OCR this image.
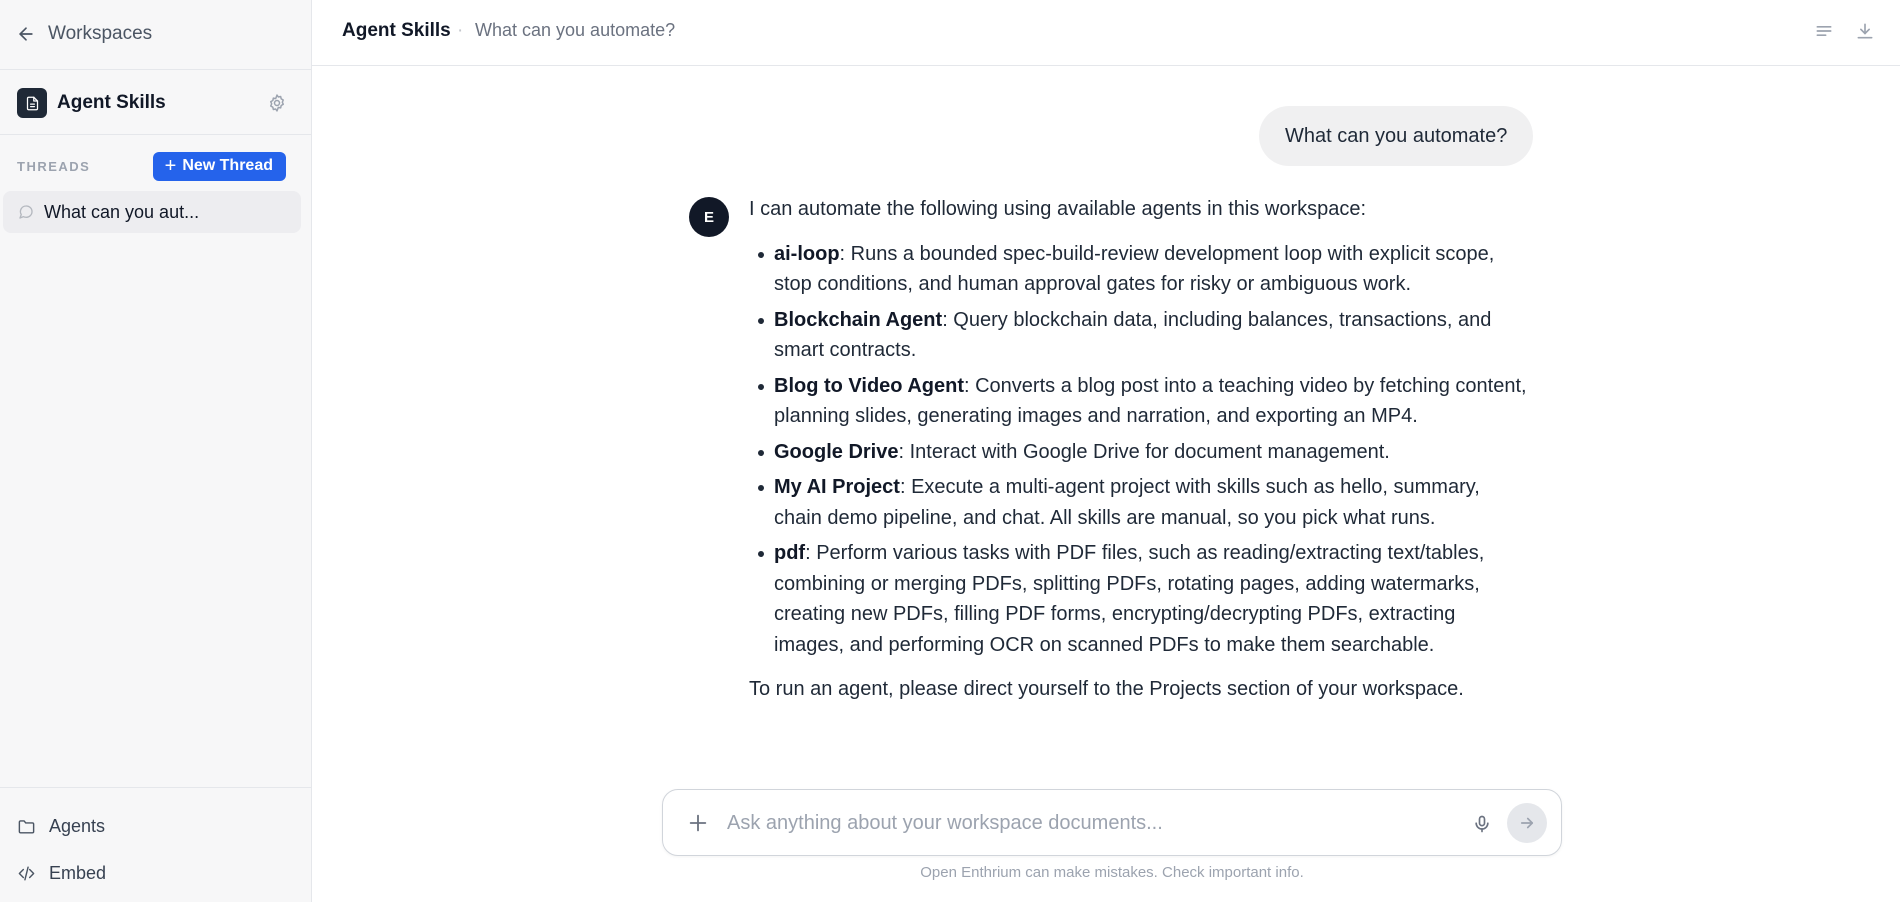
Workspaces
Agent Skills
THREADS	+ New Thread
What can you aut...
Agents
Embed
Agent Skills · What can you automate?
What can you automate?
E	I can automate the following using available agents in this workspace:

ai-loop: Runs a bounded spec-build-review development loop with explicit scope, stop conditions, and human approval gates for risky or ambiguous work.
Blockchain Agent: Query blockchain data, including balances, transactions, and smart contracts.
Blog to Video Agent: Converts a blog post into a teaching video by fetching content, planning slides, generating images and narration, and exporting an MP4.
Google Drive: Interact with Google Drive for document management.
My AI Project: Execute a multi-agent project with skills such as hello, summary, chain demo pipeline, and chat. All skills are manual, so you pick what runs.
pdf: Perform various tasks with PDF files, such as reading/extracting text/tables, combining or merging PDFs, splitting PDFs, rotating pages, adding watermarks, creating new PDFs, filling PDF forms, encrypting/decrypting PDFs, extracting images, and performing OCR on scanned PDFs to make them searchable.

To run an agent, please direct yourself to the Projects section of your workspace.

Ask anything about your workspace documents...
Open Enthrium can make mistakes. Check important info.
